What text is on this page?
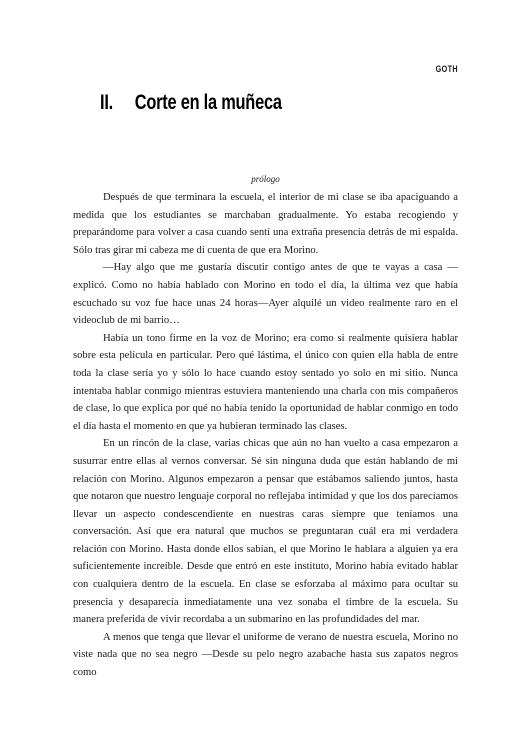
GOTH
II. Corte en la muñeca
prólogo

Después de que terminara la escuela, el interior de mi clase se iba apaciguando a medida que los estudiantes se marchaban gradualmente. Yo estaba recogiendo y preparándome para volver a casa cuando sentí una extraña presencia detrás de mi espalda. Sólo tras girar mi cabeza me di cuenta de que era Morino.

—Hay algo que me gustaría discutir contigo antes de que te vayas a casa —explicó. Como no había hablado con Morino en todo el día, la última vez que había escuchado su voz fue hace unas 24 horas—Ayer alquilé un video realmente raro en el videoclub de mi barrio…

Había un tono firme en la voz de Morino; era como si realmente quisiera hablar sobre esta película en particular. Pero qué lástima, el único con quien ella habla de entre toda la clase sería yo y sólo lo hace cuando estoy sentado yo solo en mi sitio. Nunca intentaba hablar conmigo mientras estuviera manteniendo una charla con mis compañeros de clase, lo que explica por qué no había tenido la oportunidad de hablar conmigo en todo el día hasta el momento en que ya hubieran terminado las clases.

En un rincón de la clase, varias chicas que aún no han vuelto a casa empezaron a susurrar entre ellas al vernos conversar. Sé sin ninguna duda que están hablando de mi relación con Morino. Algunos empezaron a pensar que estábamos saliendo juntos, hasta que notaron que nuestro lenguaje corporal no reflejaba intimidad y que los dos parecíamos llevar un aspecto condescendiente en nuestras caras siempre que teníamos una conversación. Así que era natural que muchos se preguntaran cuál era mi verdadera relación con Morino. Hasta donde ellos sabían, el que Morino le hablara a alguien ya era suficientemente increíble. Desde que entró en este instituto, Morino había evitado hablar con cualquiera dentro de la escuela. En clase se esforzaba al máximo para ocultar su presencia y desaparecía inmediatamente una vez sonaba el timbre de la escuela. Su manera preferida de vivir recordaba a un submarino en las profundidades del mar.

A menos que tenga que llevar el uniforme de verano de nuestra escuela, Morino no viste nada que no sea negro —Desde su pelo negro azabache hasta sus zapatos negros como
